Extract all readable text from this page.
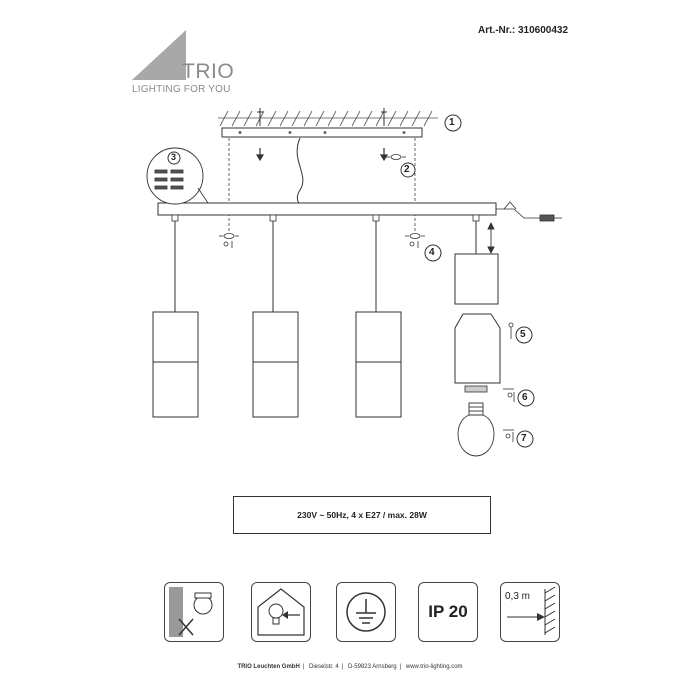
Art.-Nr.: 310600432
TRIO
LIGHTING FOR YOU
1
2
3
4
5
6
7
230V ~ 50Hz, 4 x E27 / max. 28W
IP 20
0,3 m
TRIO Leuchten GmbH | Dieselstr. 4 | D-59823 Arnsberg | www.trio-lighting.com
